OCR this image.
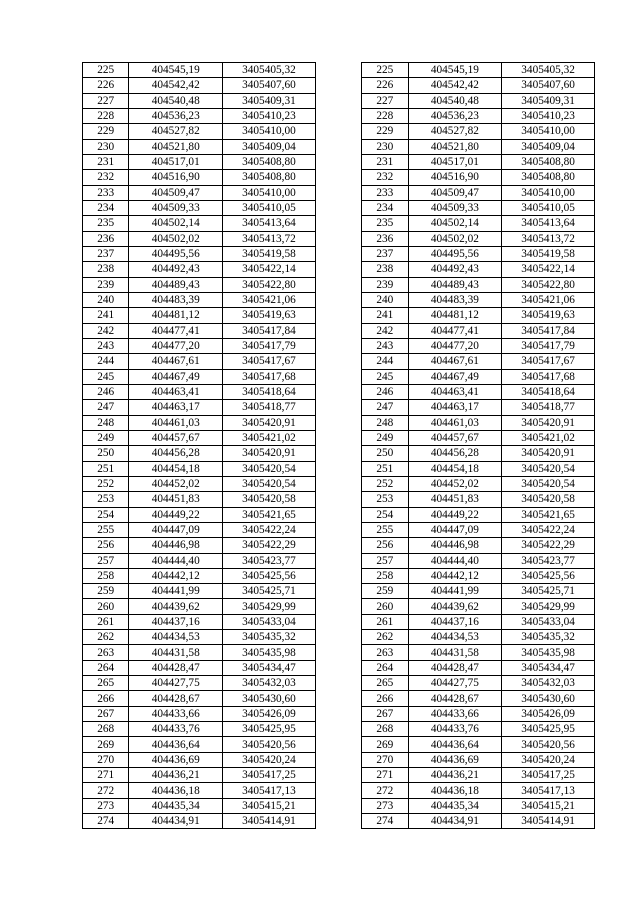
225	404545,19	3405405,32		225	404545,19	3405405,32
226	404542,42	3405407,60		226	404542,42	3405407,60
227	404540,48	3405409,31		227	404540,48	3405409,31
228	404536,23	3405410,23		228	404536,23	3405410,23
229	404527,82	3405410,00		229	404527,82	3405410,00
230	404521,80	3405409,04		230	404521,80	3405409,04
231	404517,01	3405408,80		231	404517,01	3405408,80
232	404516,90	3405408,80		232	404516,90	3405408,80
233	404509,47	3405410,00		233	404509,47	3405410,00
234	404509,33	3405410,05		234	404509,33	3405410,05
235	404502,14	3405413,64		235	404502,14	3405413,64
236	404502,02	3405413,72		236	404502,02	3405413,72
237	404495,56	3405419,58		237	404495,56	3405419,58
238	404492,43	3405422,14		238	404492,43	3405422,14
239	404489,43	3405422,80		239	404489,43	3405422,80
240	404483,39	3405421,06		240	404483,39	3405421,06
241	404481,12	3405419,63		241	404481,12	3405419,63
242	404477,41	3405417,84		242	404477,41	3405417,84
243	404477,20	3405417,79		243	404477,20	3405417,79
244	404467,61	3405417,67		244	404467,61	3405417,67
245	404467,49	3405417,68		245	404467,49	3405417,68
246	404463,41	3405418,64		246	404463,41	3405418,64
247	404463,17	3405418,77		247	404463,17	3405418,77
248	404461,03	3405420,91		248	404461,03	3405420,91
249	404457,67	3405421,02		249	404457,67	3405421,02
250	404456,28	3405420,91		250	404456,28	3405420,91
251	404454,18	3405420,54		251	404454,18	3405420,54
252	404452,02	3405420,54		252	404452,02	3405420,54
253	404451,83	3405420,58		253	404451,83	3405420,58
254	404449,22	3405421,65		254	404449,22	3405421,65
255	404447,09	3405422,24		255	404447,09	3405422,24
256	404446,98	3405422,29		256	404446,98	3405422,29
257	404444,40	3405423,77		257	404444,40	3405423,77
258	404442,12	3405425,56		258	404442,12	3405425,56
259	404441,99	3405425,71		259	404441,99	3405425,71
260	404439,62	3405429,99		260	404439,62	3405429,99
261	404437,16	3405433,04		261	404437,16	3405433,04
262	404434,53	3405435,32		262	404434,53	3405435,32
263	404431,58	3405435,98		263	404431,58	3405435,98
264	404428,47	3405434,47		264	404428,47	3405434,47
265	404427,75	3405432,03		265	404427,75	3405432,03
266	404428,67	3405430,60		266	404428,67	3405430,60
267	404433,66	3405426,09		267	404433,66	3405426,09
268	404433,76	3405425,95		268	404433,76	3405425,95
269	404436,64	3405420,56		269	404436,64	3405420,56
270	404436,69	3405420,24		270	404436,69	3405420,24
271	404436,21	3405417,25		271	404436,21	3405417,25
272	404436,18	3405417,13		272	404436,18	3405417,13
273	404435,34	3405415,21		273	404435,34	3405415,21
274	404434,91	3405414,91		274	404434,91	3405414,91
